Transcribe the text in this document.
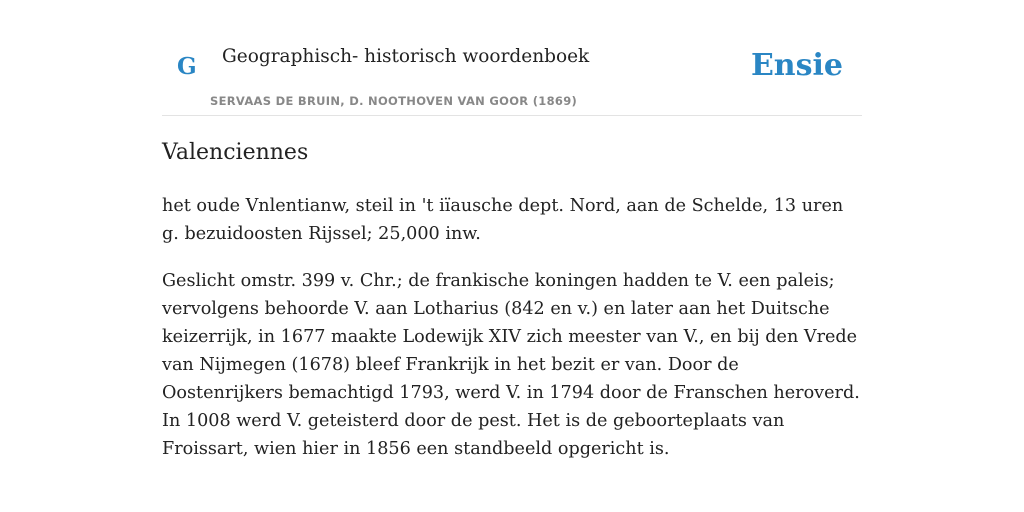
G Geographisch- historisch woordenboek
SERVAAS DE BRUIN, D. NOOTHOVEN VAN GOOR (1869)
Ensie
Valenciennes

het oude Vnlentianw, steil in 't iïausche dept. Nord, aan de Schelde, 13 uren g. bezuidoosten Rijssel; 25,000 inw.

Geslicht omstr. 399 v. Chr.; de frankische koningen hadden te V. een paleis; vervolgens behoorde V. aan Lotharius (842 en v.) en later aan het Duitsche keizerrijk, in 1677 maakte Lodewijk XIV zich meester van V., en bij den Vrede van Nijmegen (1678) bleef Frankrijk in het bezit er van. Door de Oostenrijkers bemachtigd 1793, werd V. in 1794 door de Franschen heroverd. In 1008 werd V. geteisterd door de pest. Het is de geboorteplaats van Froissart, wien hier in 1856 een standbeeld opgericht is.
